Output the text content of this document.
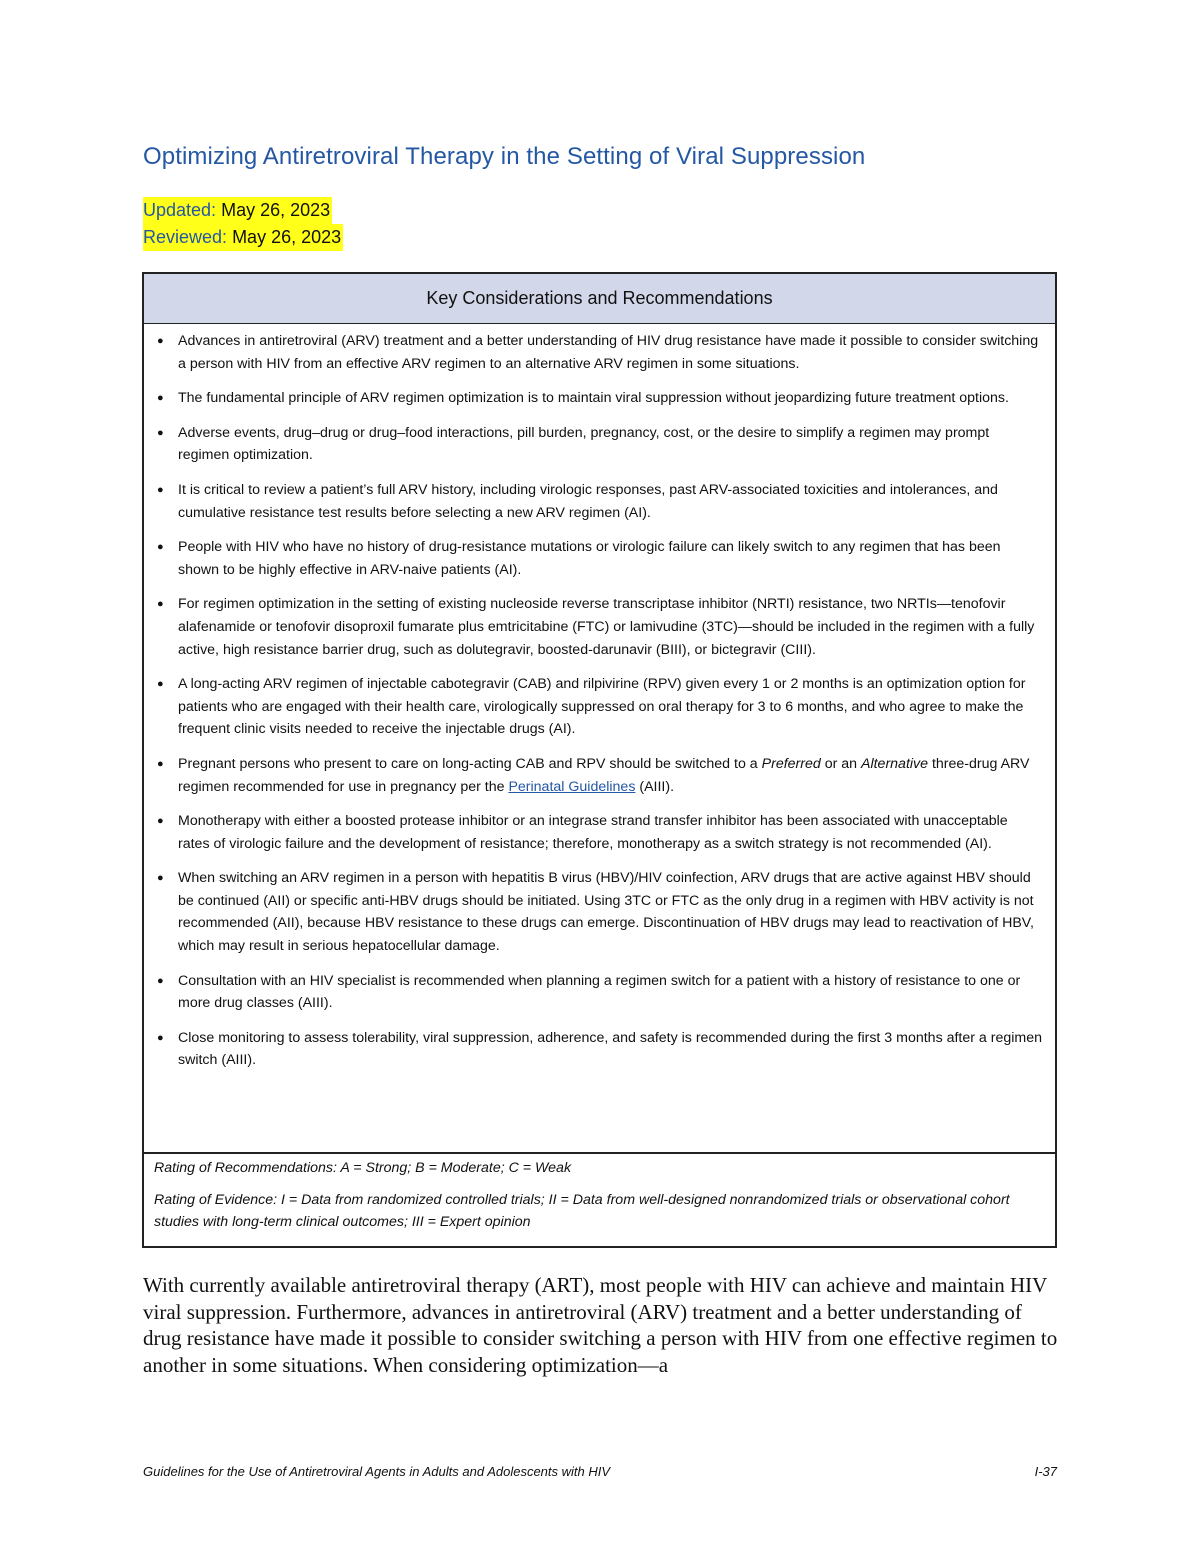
Optimizing Antiretroviral Therapy in the Setting of Viral Suppression
Updated: May 26, 2023
Reviewed: May 26, 2023
Key Considerations and Recommendations
●	Advances in antiretroviral (ARV) treatment and a better understanding of HIV drug resistance have made it possible to consider switching a person with HIV from an effective ARV regimen to an alternative ARV regimen in some situations.
●	The fundamental principle of ARV regimen optimization is to maintain viral suppression without jeopardizing future treatment options.
●	Adverse events, drug–drug or drug–food interactions, pill burden, pregnancy, cost, or the desire to simplify a regimen may prompt regimen optimization.
●	It is critical to review a patient’s full ARV history, including virologic responses, past ARV-associated toxicities and intolerances, and cumulative resistance test results before selecting a new ARV regimen (AI).
●	People with HIV who have no history of drug-resistance mutations or virologic failure can likely switch to any regimen that has been shown to be highly effective in ARV-naive patients (AI).
●	For regimen optimization in the setting of existing nucleoside reverse transcriptase inhibitor (NRTI) resistance, two NRTIs—tenofovir alafenamide or tenofovir disoproxil fumarate plus emtricitabine (FTC) or lamivudine (3TC)—should be included in the regimen with a fully active, high resistance barrier drug, such as dolutegravir, boosted-darunavir (BIII), or bictegravir (CIII).
●	A long-acting ARV regimen of injectable cabotegravir (CAB) and rilpivirine (RPV) given every 1 or 2 months is an optimization option for patients who are engaged with their health care, virologically suppressed on oral therapy for 3 to 6 months, and who agree to make the frequent clinic visits needed to receive the injectable drugs (AI).
●	Pregnant persons who present to care on long-acting CAB and RPV should be switched to a Preferred or an Alternative three-drug ARV regimen recommended for use in pregnancy per the Perinatal Guidelines (AIII).
●	Monotherapy with either a boosted protease inhibitor or an integrase strand transfer inhibitor has been associated with unacceptable rates of virologic failure and the development of resistance; therefore, monotherapy as a switch strategy is not recommended (AI).
●	When switching an ARV regimen in a person with hepatitis B virus (HBV)/HIV coinfection, ARV drugs that are active against HBV should be continued (AII) or specific anti-HBV drugs should be initiated. Using 3TC or FTC as the only drug in a regimen with HBV activity is not recommended (AII), because HBV resistance to these drugs can emerge. Discontinuation of HBV drugs may lead to reactivation of HBV, which may result in serious hepatocellular damage.
●	Consultation with an HIV specialist is recommended when planning a regimen switch for a patient with a history of resistance to one or more drug classes (AIII).
●	Close monitoring to assess tolerability, viral suppression, adherence, and safety is recommended during the first 3 months after a regimen switch (AIII).

Rating of Recommendations: A = Strong; B = Moderate; C = Weak

Rating of Evidence: I = Data from randomized controlled trials; II = Data from well-designed nonrandomized trials or observational cohort studies with long-term clinical outcomes; III = Expert opinion

With currently available antiretroviral therapy (ART), most people with HIV can achieve and maintain HIV viral suppression. Furthermore, advances in antiretroviral (ARV) treatment and a better understanding of drug resistance have made it possible to consider switching a person with HIV from one effective regimen to another in some situations. When considering optimization—a

Guidelines for the Use of Antiretroviral Agents in Adults and Adolescents with HIV	I-37
